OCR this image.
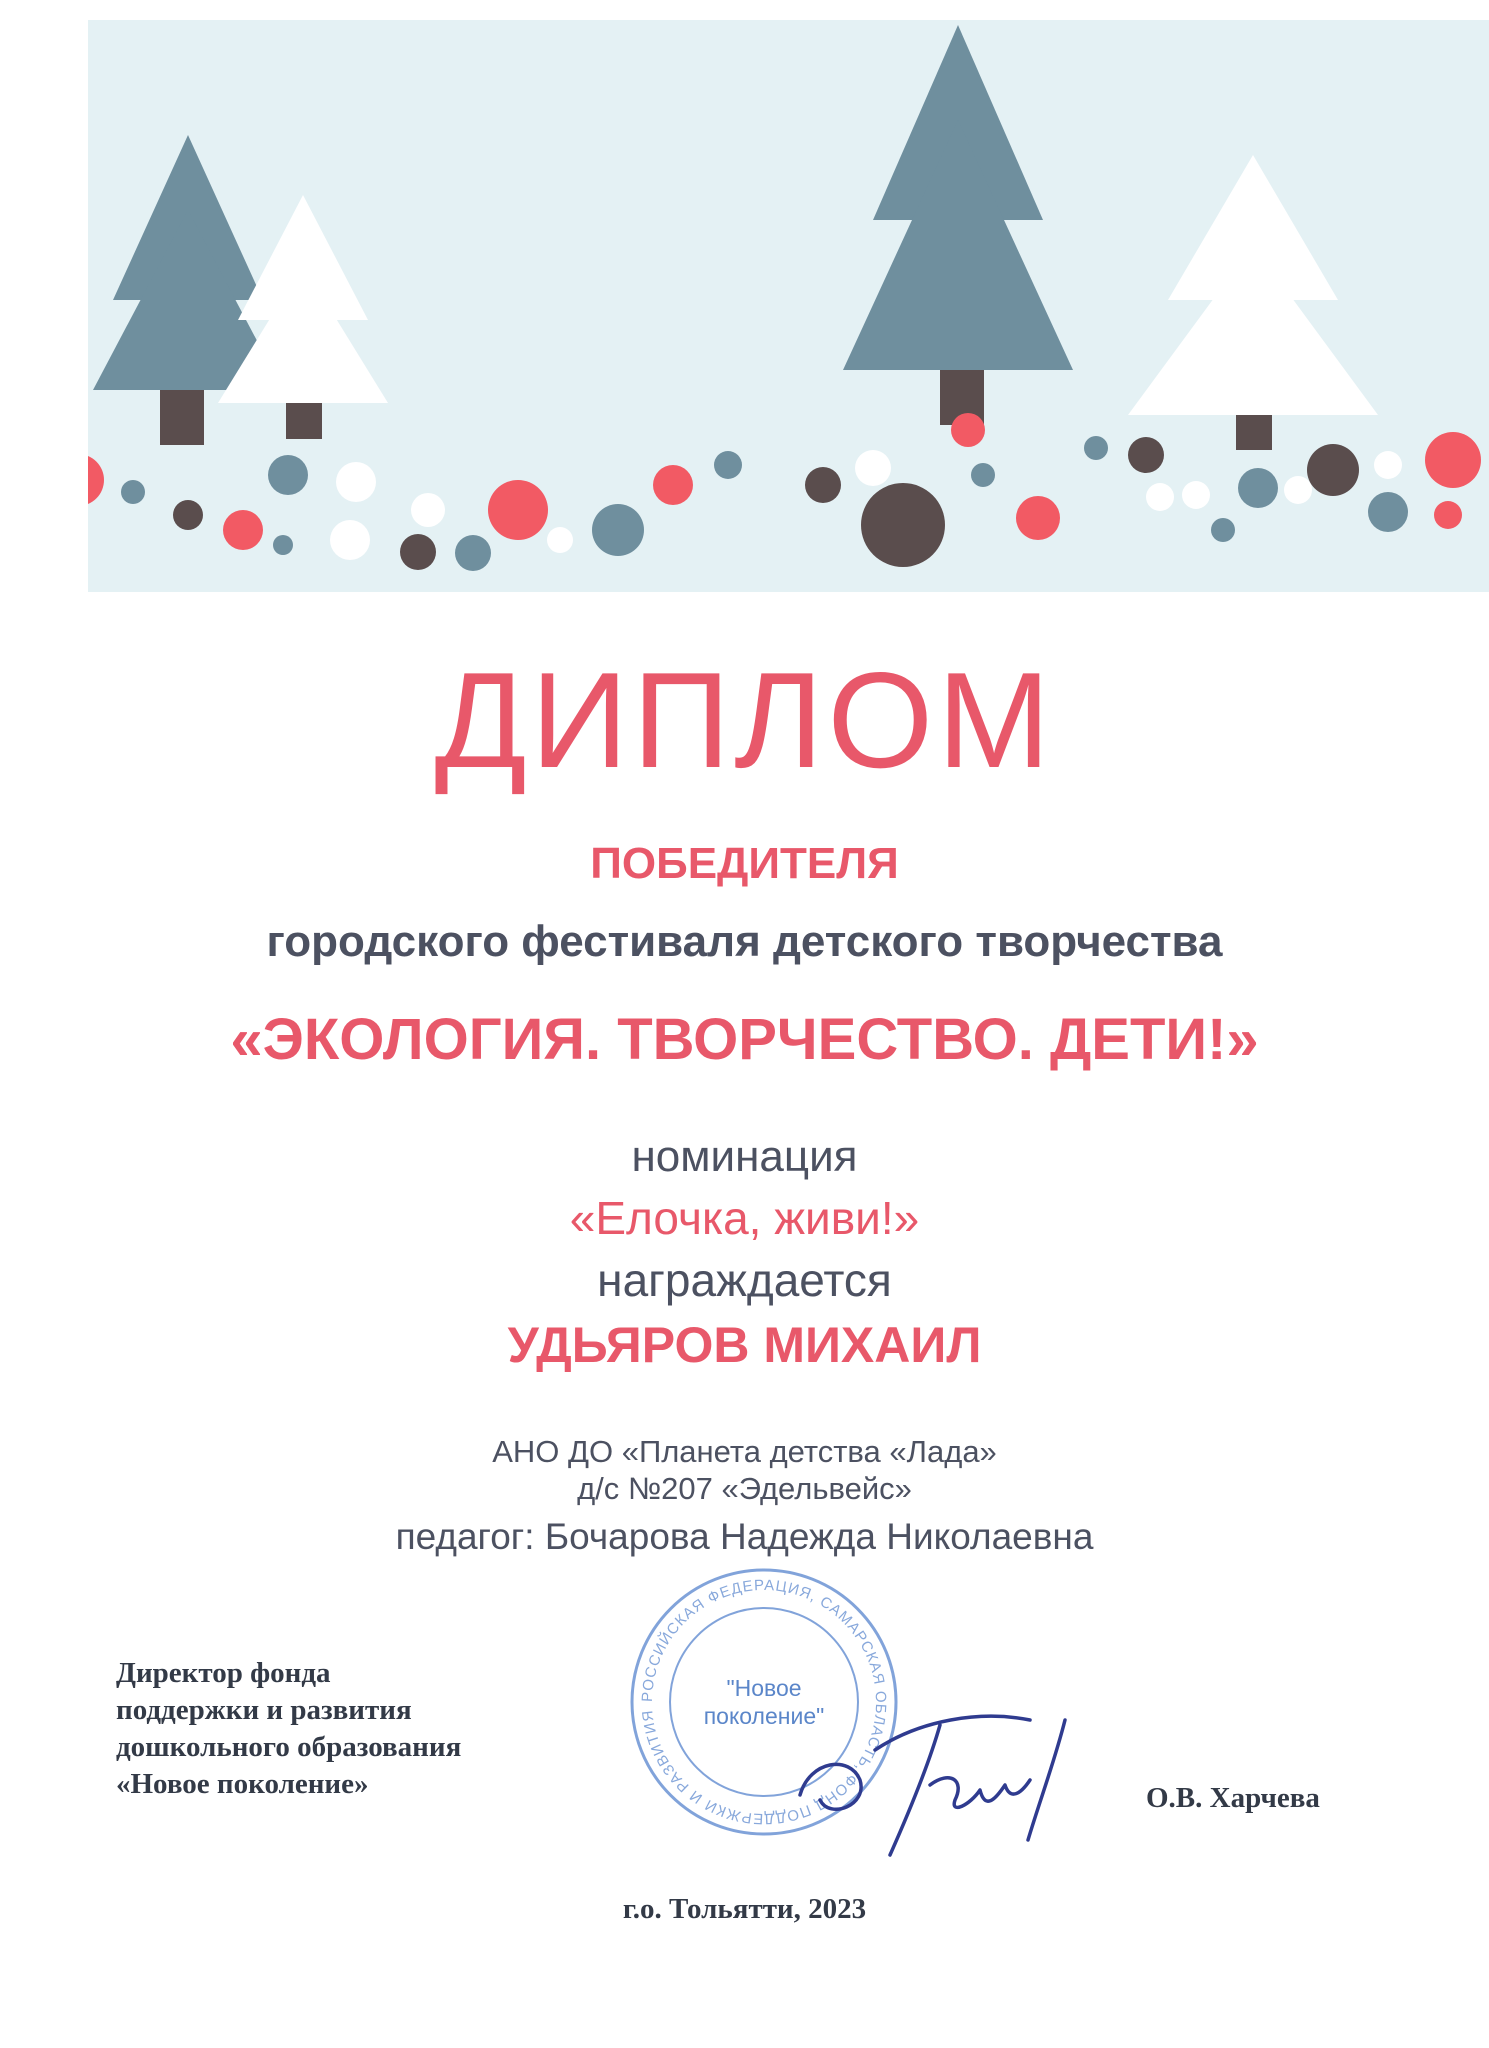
ДИПЛОМ

ПОБЕДИТЕЛЯ

городского фестиваля детского творчества

«ЭКОЛОГИЯ. ТВОРЧЕСТВО. ДЕТИ!»

номинация

«Елочка, живи!»

награждается

УДЬЯРОВ МИХАИЛ

АНО ДО «Планета детства «Лада»

д/с №207 «Эдельвейс»

педагог: Бочарова Надежда Николаевна

Директор фонда
поддержки и развития
дошкольного образования
«Новое поколение»
РОССИЙСКАЯ ФЕДЕРАЦИЯ, САМАРСКАЯ ОБЛАСТЬ, ФОНД ПОДДЕРЖКИ И РАЗВИТИЯ

"Новое

поколение"

О.В. Харчева

г.о. Тольятти, 2023
